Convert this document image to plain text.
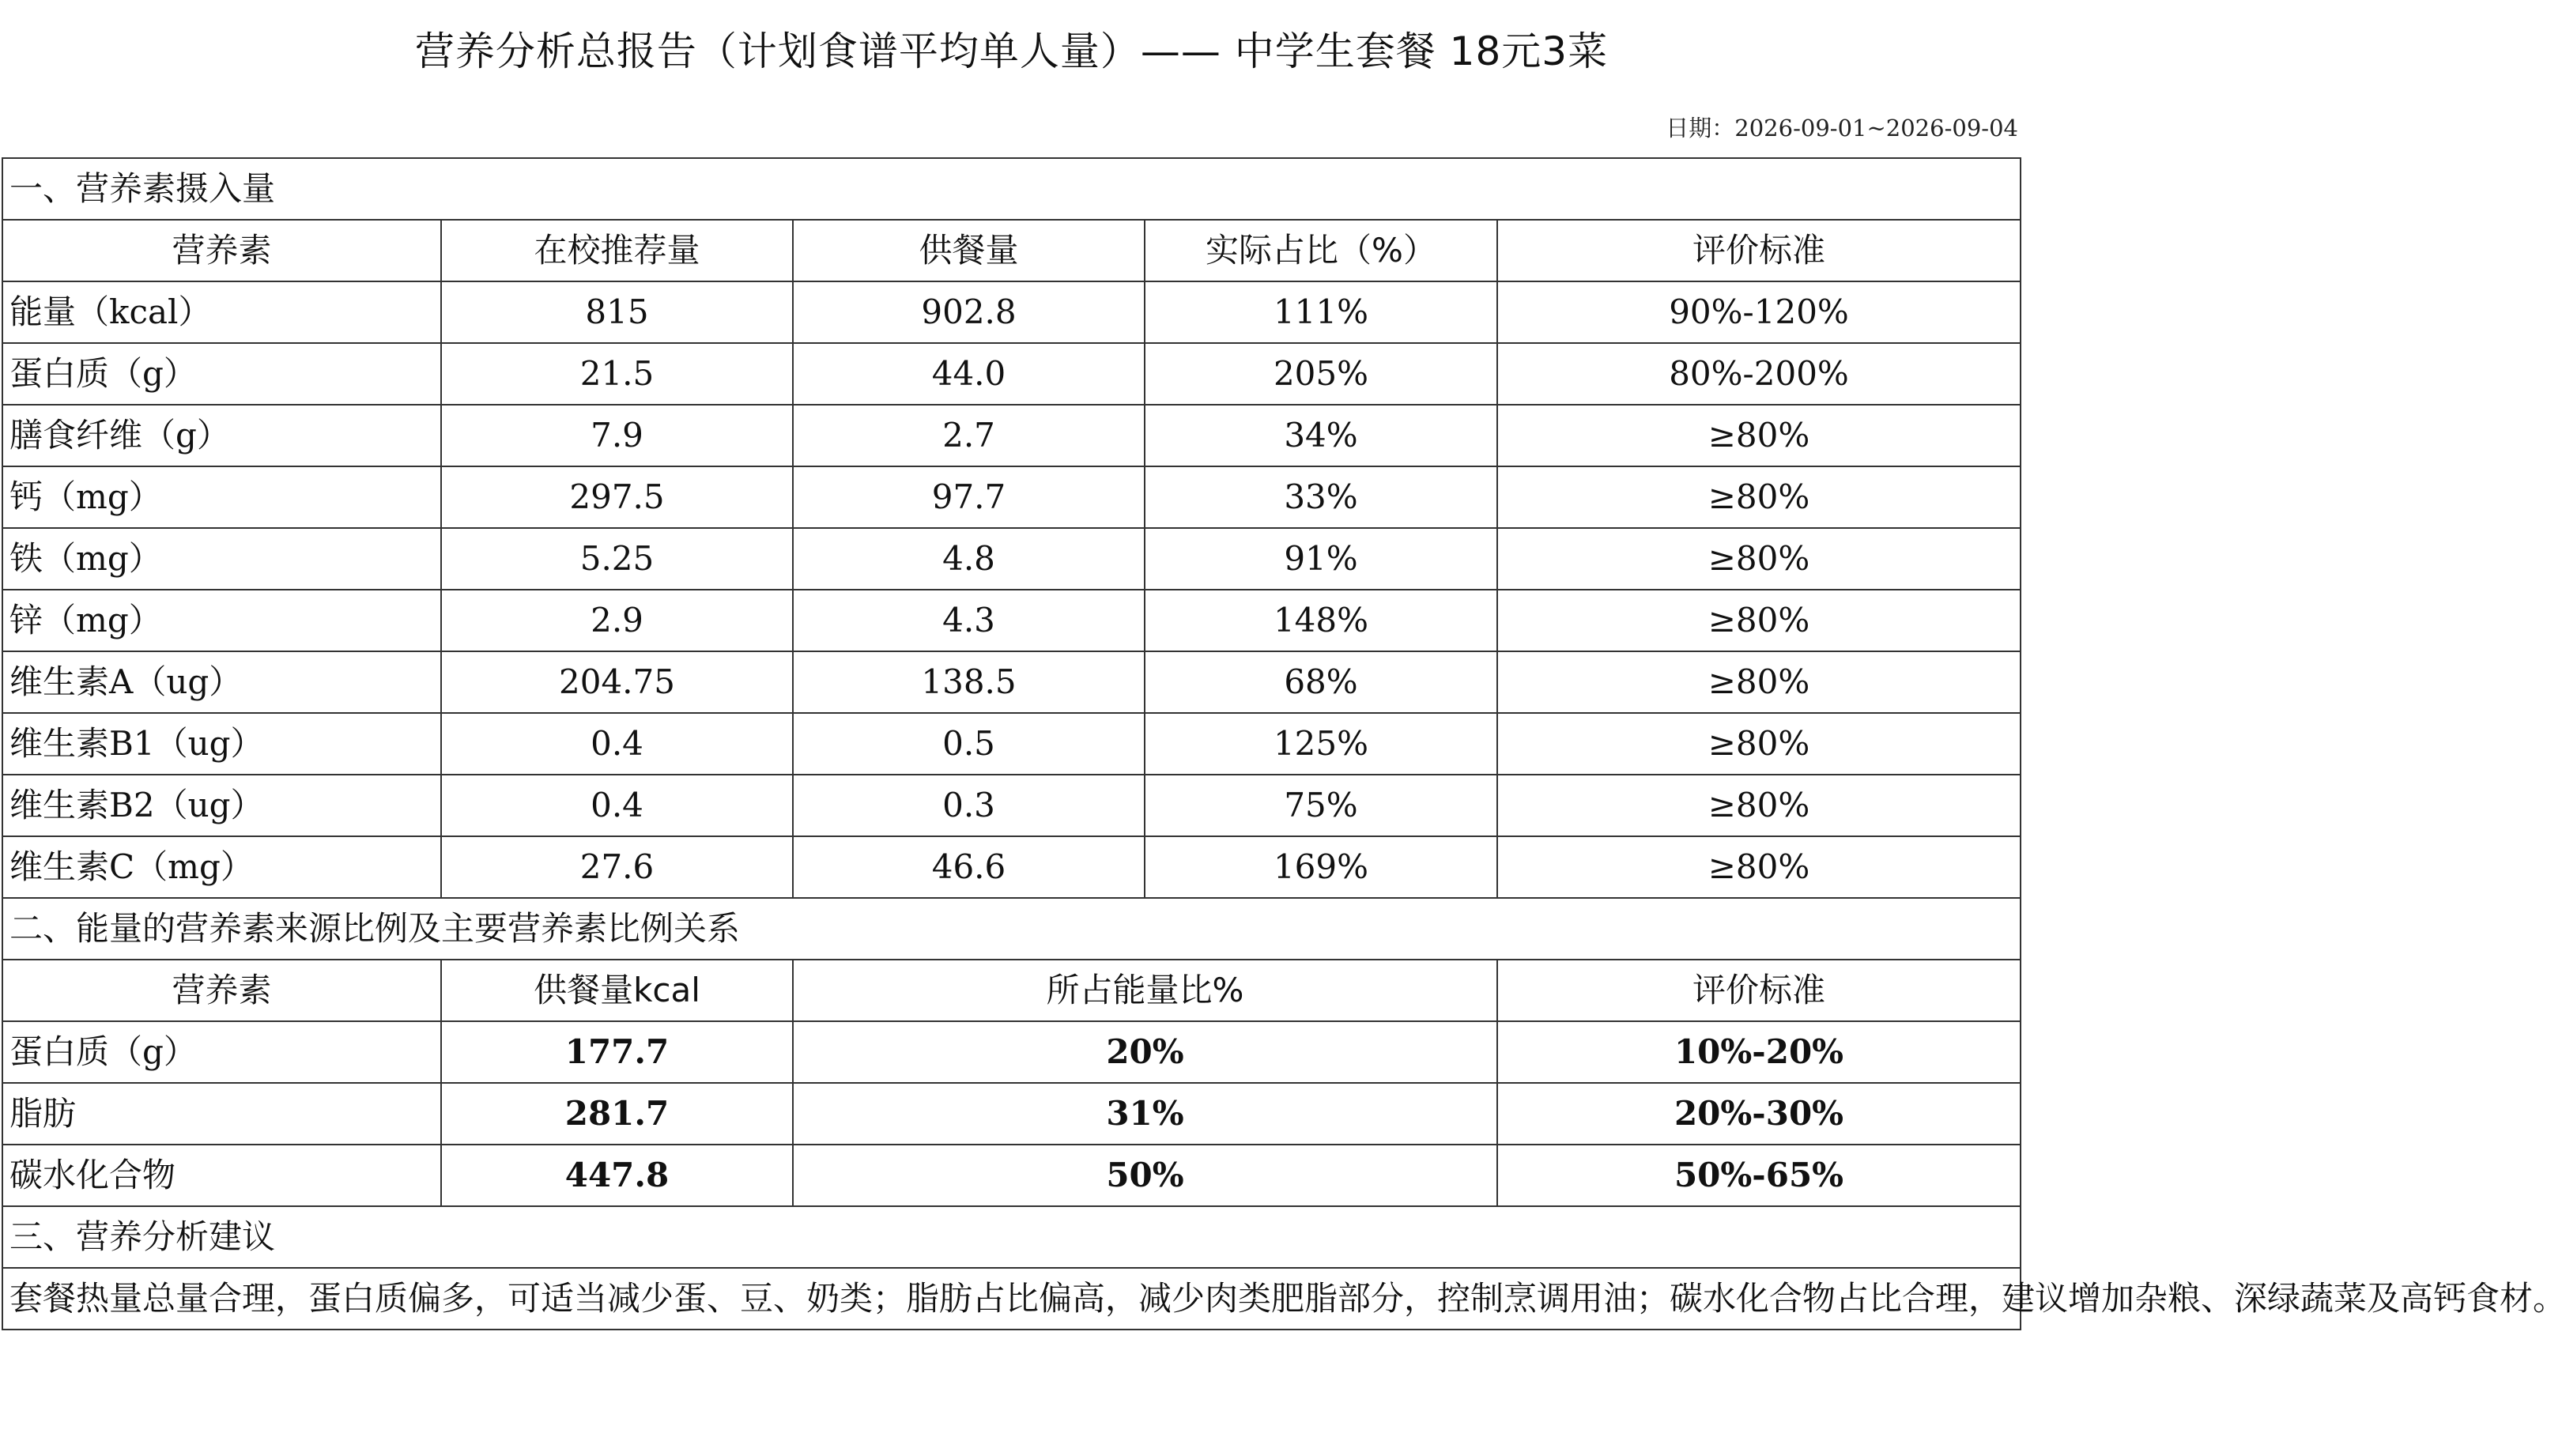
营养分析总报告（计划食谱平均单人量）—— 中学生套餐 18元3菜
日期：2026-09-01~2026-09-04
一、营养素摄入量				
营养素	在校推荐量	供餐量	实际占比（%）	评价标准
能量（kcal）	815	902.8	111%	90%-120%
蛋白质（g）	21.5	44.0	205%	80%-200%
膳食纤维（g）	7.9	2.7	34%	≥80%
钙（mg）	297.5	97.7	33%	≥80%
铁（mg）	5.25	4.8	91%	≥80%
锌（mg）	2.9	4.3	148%	≥80%
维生素A（ug）	204.75	138.5	68%	≥80%
维生素B1（ug）	0.4	0.5	125%	≥80%
维生素B2（ug）	0.4	0.3	75%	≥80%
维生素C（mg）	27.6	46.6	169%	≥80%
二、能量的营养素来源比例及主要营养素比例关系				
营养素	供餐量kcal	所占能量比%		评价标准
蛋白质（g）	177.7	20%		10%-20%
脂肪	281.7	31%		20%-30%
碳水化合物	447.8	50%		50%-65%
三、营养分析建议				
套餐热量总量合理，蛋白质偏多，可适当减少蛋、豆、奶类；脂肪占比偏高，减少肉类肥脂部分，控制烹调用油；碳水化合物占比合理，建议增加杂粮、深绿蔬菜及高钙食材。				
